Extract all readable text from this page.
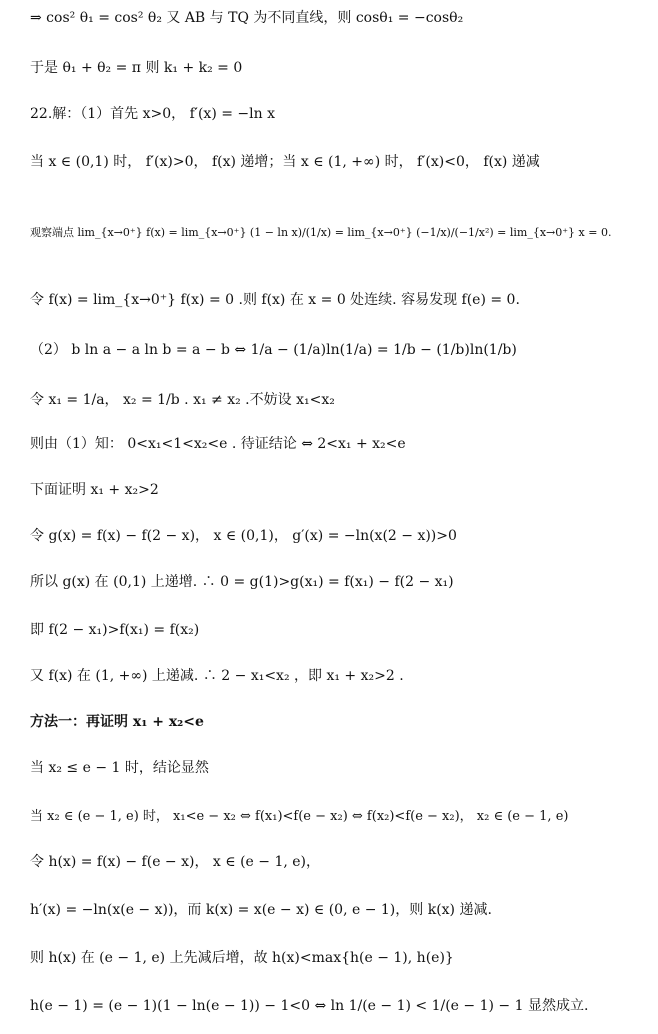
⇒ cos² θ₁ = cos² θ₂ 又 AB 与 TQ 为不同直线，则 cosθ₁ = −cosθ₂
于是 θ₁ + θ₂ = π 则 k₁ + k₂ = 0
22.解：（1）首先 x>0， f′(x) = −ln x
当 x ∈ (0,1) 时， f′(x)>0， f(x) 递增；当 x ∈ (1, +∞) 时， f′(x)<0， f(x) 递减
观察端点 lim_{x→0⁺} f(x) = lim_{x→0⁺} (1 − ln x)/(1/x) = lim_{x→0⁺} (−1/x)/(−1/x²) = lim_{x→0⁺} x = 0.
令 f(x) = lim_{x→0⁺} f(x) = 0 .则 f(x) 在 x = 0 处连续. 容易发现 f(e) = 0.
（2） b ln a − a ln b = a − b ⇔ 1/a − (1/a)ln(1/a) = 1/b − (1/b)ln(1/b)
令 x₁ = 1/a， x₂ = 1/b . x₁ ≠ x₂ .不妨设 x₁<x₂
则由（1）知： 0<x₁<1<x₂<e . 待证结论 ⇔ 2<x₁ + x₂<e
下面证明 x₁ + x₂>2
令 g(x) = f(x) − f(2 − x)， x ∈ (0,1)， g′(x) = −ln(x(2 − x))>0
所以 g(x) 在 (0,1) 上递增. ∴ 0 = g(1)>g(x₁) = f(x₁) − f(2 − x₁)
即 f(2 − x₁)>f(x₁) = f(x₂)
又 f(x) 在 (1, +∞) 上递减. ∴ 2 − x₁<x₂ ，即 x₁ + x₂>2 .
方法一：再证明 x₁ + x₂<e
当 x₂ ≤ e − 1 时，结论显然
当 x₂ ∈ (e − 1, e) 时， x₁<e − x₂ ⇔ f(x₁)<f(e − x₂) ⇔ f(x₂)<f(e − x₂)， x₂ ∈ (e − 1, e)
令 h(x) = f(x) − f(e − x)， x ∈ (e − 1, e)，
h′(x) = −ln(x(e − x))，而 k(x) = x(e − x) ∈ (0, e − 1)，则 k(x) 递减.
则 h(x) 在 (e − 1, e) 上先减后增，故 h(x)<max{h(e − 1), h(e)}
h(e − 1) = (e − 1)(1 − ln(e − 1)) − 1<0 ⇔ ln 1/(e − 1) < 1/(e − 1) − 1 显然成立.
